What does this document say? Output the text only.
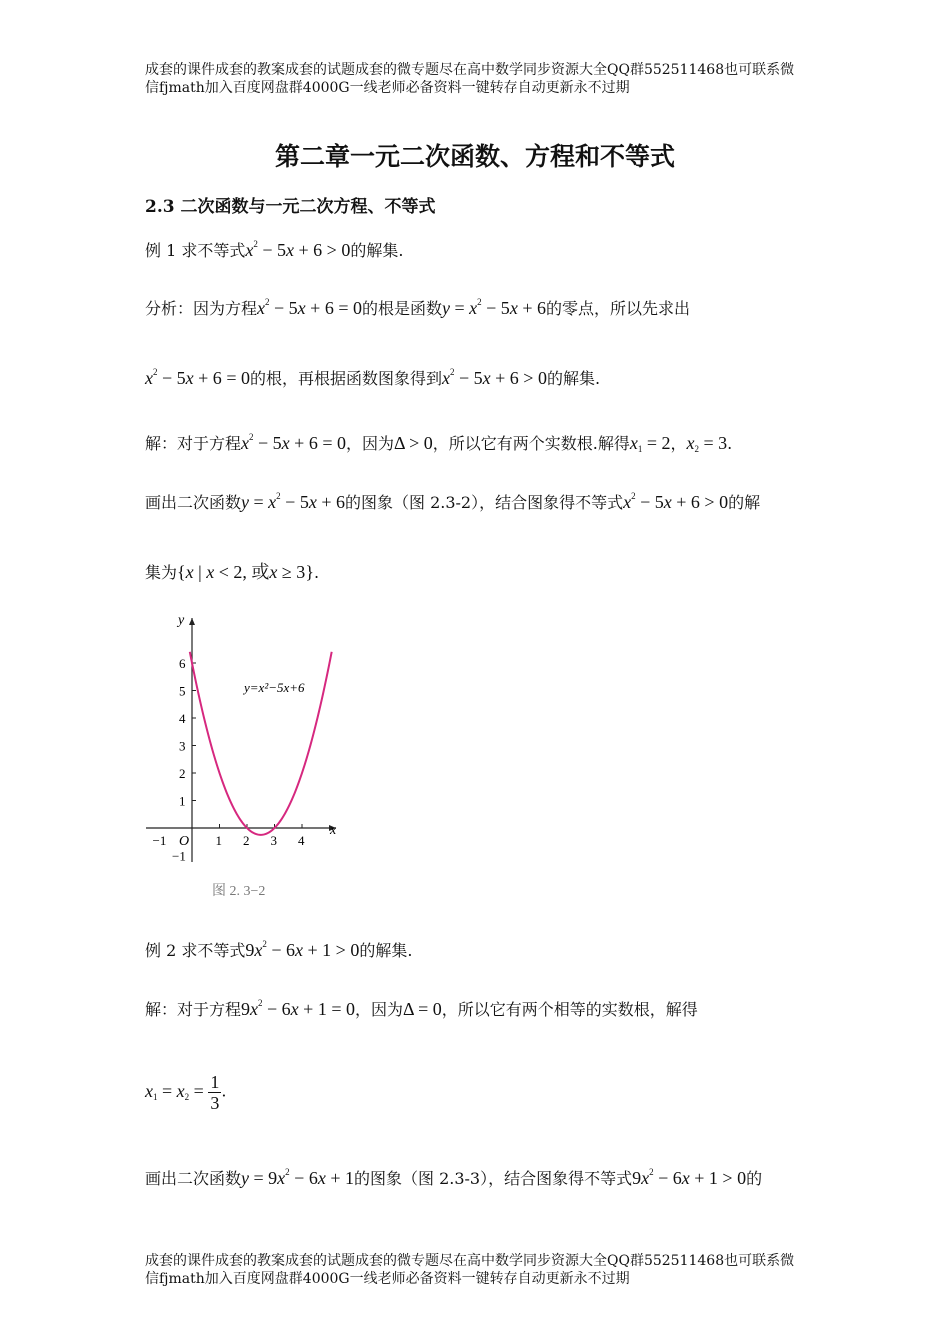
成套的课件成套的教案成套的试题成套的微专题尽在高中数学同步资源大全QQ群552511468也可联系微
信fjmath加入百度网盘群4000G一线老师必备资料一键转存自动更新永不过期
第二章一元二次函数、方程和不等式
2.3 二次函数与一元二次方程、不等式
例 1 求不等式$x^2 - 5x + 6 > 0$的解集.
分析：因为方程$x^2 - 5x + 6 = 0$的根是函数$y = x^2 - 5x + 6$的零点，所以先求出
$x^2 - 5x + 6 = 0$的根，再根据函数图象得到$x^2 - 5x + 6 > 0$的解集.
解：对于方程$x^2 - 5x + 6 = 0$，因为Δ > 0，所以它有两个实数根.解得$x_1 = 2$，$x_2 = 3$.
画出二次函数$y = x^2 - 5x + 6$的图象（图 2.3-2），结合图象得不等式$x^2 - 5x + 6 > 0$的解
集为{x | x < 2, 或x ≥ 3}.
x
y
O
−1	1 2 3 4
6
5
4
3
2
1
−1
y=x²−5x+6
图 2. 3−2
例 2 求不等式$9x^2 - 6x + 1 > 0$的解集.
解：对于方程$9x^2 - 6x + 1 = 0$，因为Δ = 0，所以它有两个相等的实数根，解得
$x_1 = x_2 = \frac{1}{3}$ .
画出二次函数$y = 9x^2 - 6x + 1$的图象（图 2.3-3），结合图象得不等式$9x^2 - 6x + 1 > 0$的
成套的课件成套的教案成套的试题成套的微专题尽在高中数学同步资源大全QQ群552511468也可联系微
信fjmath加入百度网盘群4000G一线老师必备资料一键转存自动更新永不过期
